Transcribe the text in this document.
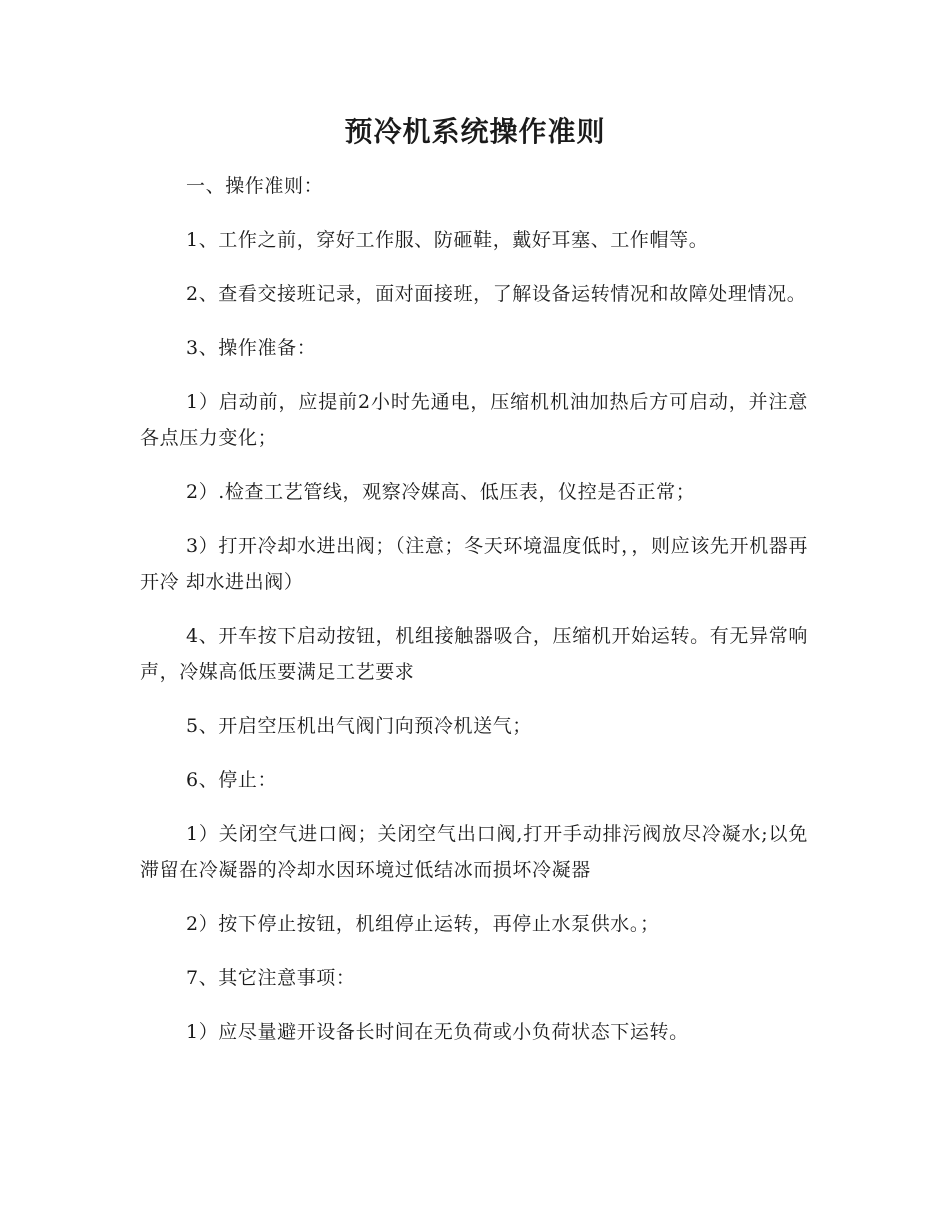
预冷机系统操作准则

一、操作准则：

1、工作之前，穿好工作服、防砸鞋，戴好耳塞、工作帽等。

2、查看交接班记录，面对面接班，了解设备运转情况和故障处理情况。

3、操作准备：

1）启动前，应提前2小时先通电，压缩机机油加热后方可启动，并注意各点压力变化；

2）.检查工艺管线，观察冷媒高、低压表，仪控是否正常；

3）打开冷却水进出阀；（注意；冬天环境温度低时，，则应该先开机器再开冷 却水进出阀）

4、开车按下启动按钮，机组接触器吸合，压缩机开始运转。有无异常响声，冷媒高低压要满足工艺要求

5、开启空压机出气阀门向预冷机送气；

6、停止：

1）关闭空气进口阀；关闭空气出口阀,打开手动排污阀放尽冷凝水;以免滞留在冷凝器的冷却水因环境过低结冰而损坏冷凝器

2）按下停止按钮，机组停止运转，再停止水泵供水。；

7、其它注意事项：

1）应尽量避开设备长时间在无负荷或小负荷状态下运转。
